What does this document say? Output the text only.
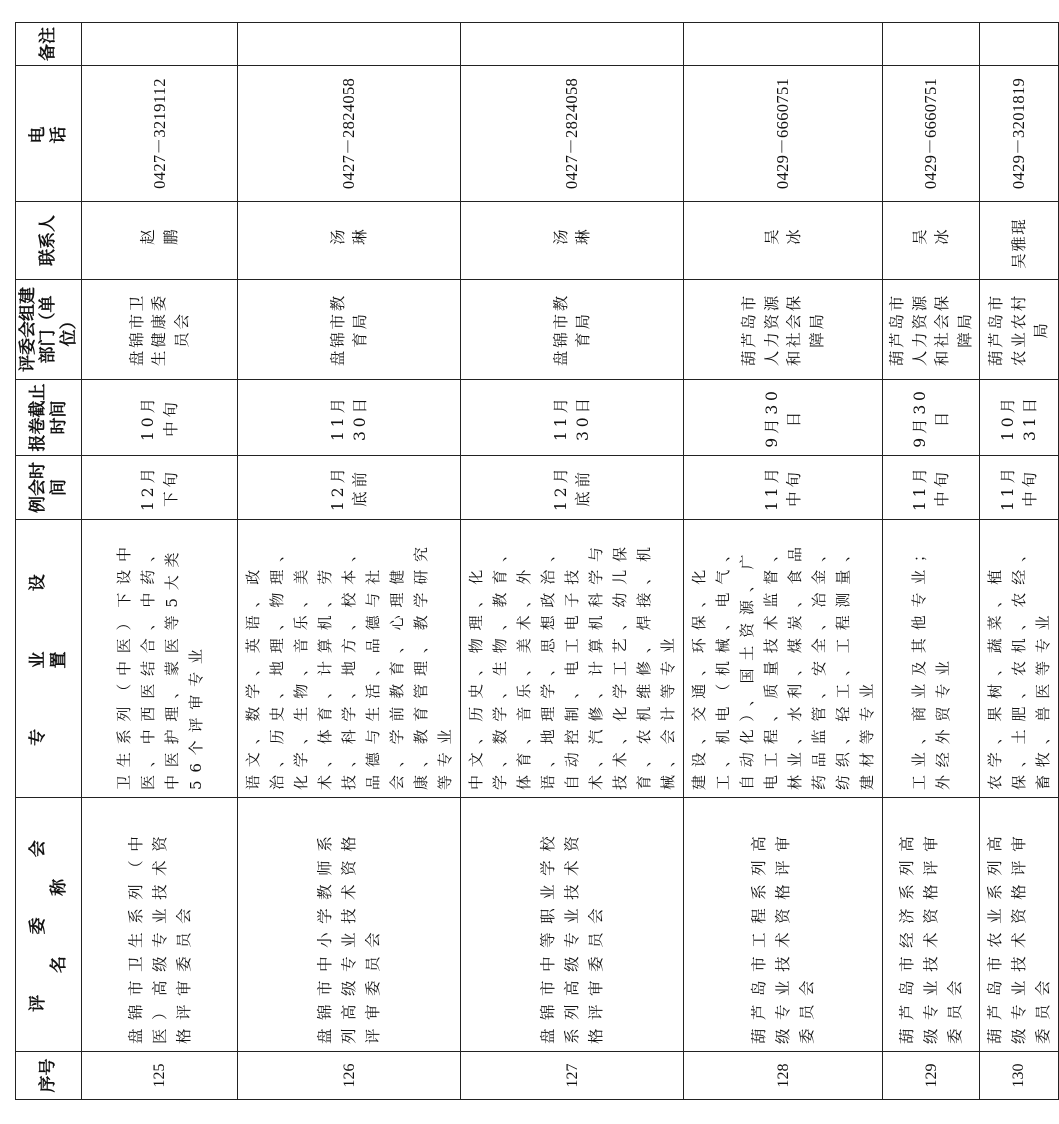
序号	评 委 会 名 称	专 业 设 置	例会时间	报卷截止时间	评委会组建部门（单位）	联系人	电 话	备注
125	盘锦市卫生系列（中医）高级专业技术资格评审委员会	卫生系列（中医）下设中医、中西医结合、中药、中医护理、蒙医等5大类56个评审专业	12月下旬	10月中旬	盘锦市卫生健康委员会	赵鹏	0427－3219112	
126	盘锦市中小学教师系列高级专业技术资格评审委员会	语文、数学、英语、政治、历史、地理、物理、化学、生物、音乐、美术、体育、计算机、劳技、科学、地方、校本、品德与生活、品德与社会、学前教育、心理健康、教育管理、教学研究等专业	12月底前	11月30日	盘锦市教育局	汤琳	0427－2824058	
127	盘锦市中等职业学校系列高级专业技术资格评审委员会	中文、历史、物理、化学、数学、生物、教育、体育、音乐、美术、外语、地理学、思想政治、自动控制、电工电子技术、汽修、计算机科学与技术、化学工艺、幼儿保育、农机维修、焊接、机械、会计等专业	12月底前	11月30日	盘锦市教育局	汤琳	0427－2824058	
128	葫芦岛市工程系列高级专业技术资格评审委员会	建设、交通、环保、化工、机电（机械、电气、自动化）、国土资源、广电工程、质量技术监督、林业、水利、煤炭、食品药品监管、安全、冶金、纺织、轻工、工程测量、建材等专业	11月中旬	9月30日	葫芦岛市人力资源和社会保障局	吴冰	0429－6660751	
129	葫芦岛市经济系列高级专业技术资格评审委员会	工业、商业及其他专业；外经外贸专业	11月中旬	9月30日	葫芦岛市人力资源和社会保障局	吴冰	0429－6660751	
130	葫芦岛市农业系列高级专业技术资格评审委员会	农学、果树、蔬菜、植保、土肥、农机、农经、畜牧、兽医等专业	11月中旬	10月31日	葫芦岛市农业农村局	吴雅琨	0429－3201819	
